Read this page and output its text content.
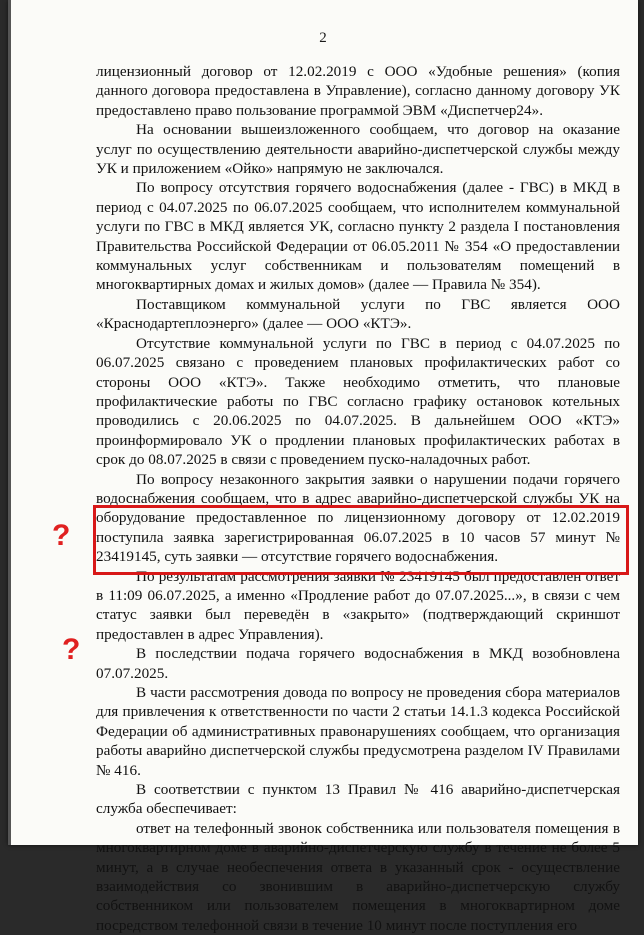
2

лицензионный договор от 12.02.2019 с ООО «Удобные решения» (копия данного договора предоставлена в Управление), согласно данному договору УК предоставлено право пользование программой ЭВМ «Диспетчер24».

На основании вышеизложенного сообщаем, что договор на оказание услуг по осуществлению деятельности аварийно-диспетчерской службы между УК и приложением «Ойко» напрямую не заключался.

По вопросу отсутствия горячего водоснабжения (далее - ГВС) в МКД в период с 04.07.2025 по 06.07.2025 сообщаем, что исполнителем коммунальной услуги по ГВС в МКД является УК, согласно пункту 2 раздела I постановления Правительства Российской Федерации от 06.05.2011 № 354 «О предоставлении коммунальных услуг собственникам и пользователям помещений в многоквартирных домах и жилых домов» (далее — Правила № 354).

Поставщиком коммунальной услуги по ГВС является ООО «Краснодартеплоэнерго» (далее — ООО «КТЭ».

Отсутствие коммунальной услуги по ГВС в период с 04.07.2025 по 06.07.2025 связано с проведением плановых профилактических работ со стороны ООО «КТЭ». Также необходимо отметить, что плановые профилактические работы по ГВС согласно графику остановок котельных проводились с 20.06.2025 по 04.07.2025. В дальнейшем ООО «КТЭ» проинформировало УК о продлении плановых профилактических работах в срок до 08.07.2025 в связи с проведением пуско-наладочных работ.

По вопросу незаконного закрытия заявки о нарушении подачи горячего водоснабжения сообщаем, что в адрес аварийно-диспетчерской службы УК на оборудование предоставленное по лицензионному договору от 12.02.2019 поступила заявка зарегистрированная 06.07.2025 в 10 часов 57 минут № 23419145, суть заявки — отсутствие горячего водоснабжения.

По результатам рассмотрения заявки № 23419145 был предоставлен ответ в 11:09 06.07.2025, а именно «Продление работ до 07.07.2025...», в связи с чем статус заявки был переведён в «закрыто» (подтверждающий скриншот предоставлен в адрес Управления).

В последствии подача горячего водоснабжения в МКД возобновлена 07.07.2025.

В части рассмотрения довода по вопросу не проведения сбора материалов для привлечения к ответственности по части 2 статьи 14.1.3 кодекса Российской Федерации об административных правонарушениях сообщаем, что организация работы аварийно диспетчерской службы предусмотрена разделом IV Правилами № 416.

В соответствии с пунктом 13 Правил № 416 аварийно-диспетчерская служба обеспечивает:

ответ на телефонный звонок собственника или пользователя помещения в многоквартирном доме в аварийно-диспетчерскую службу в течение не более 5 минут, а в случае необеспечения ответа в указанный срок - осуществление взаимодействия со звонившим в аварийно-диспетчерскую службу собственником или пользователем помещения в многоквартирном доме посредством телефонной связи в течение 10 минут после поступления его

?
?
